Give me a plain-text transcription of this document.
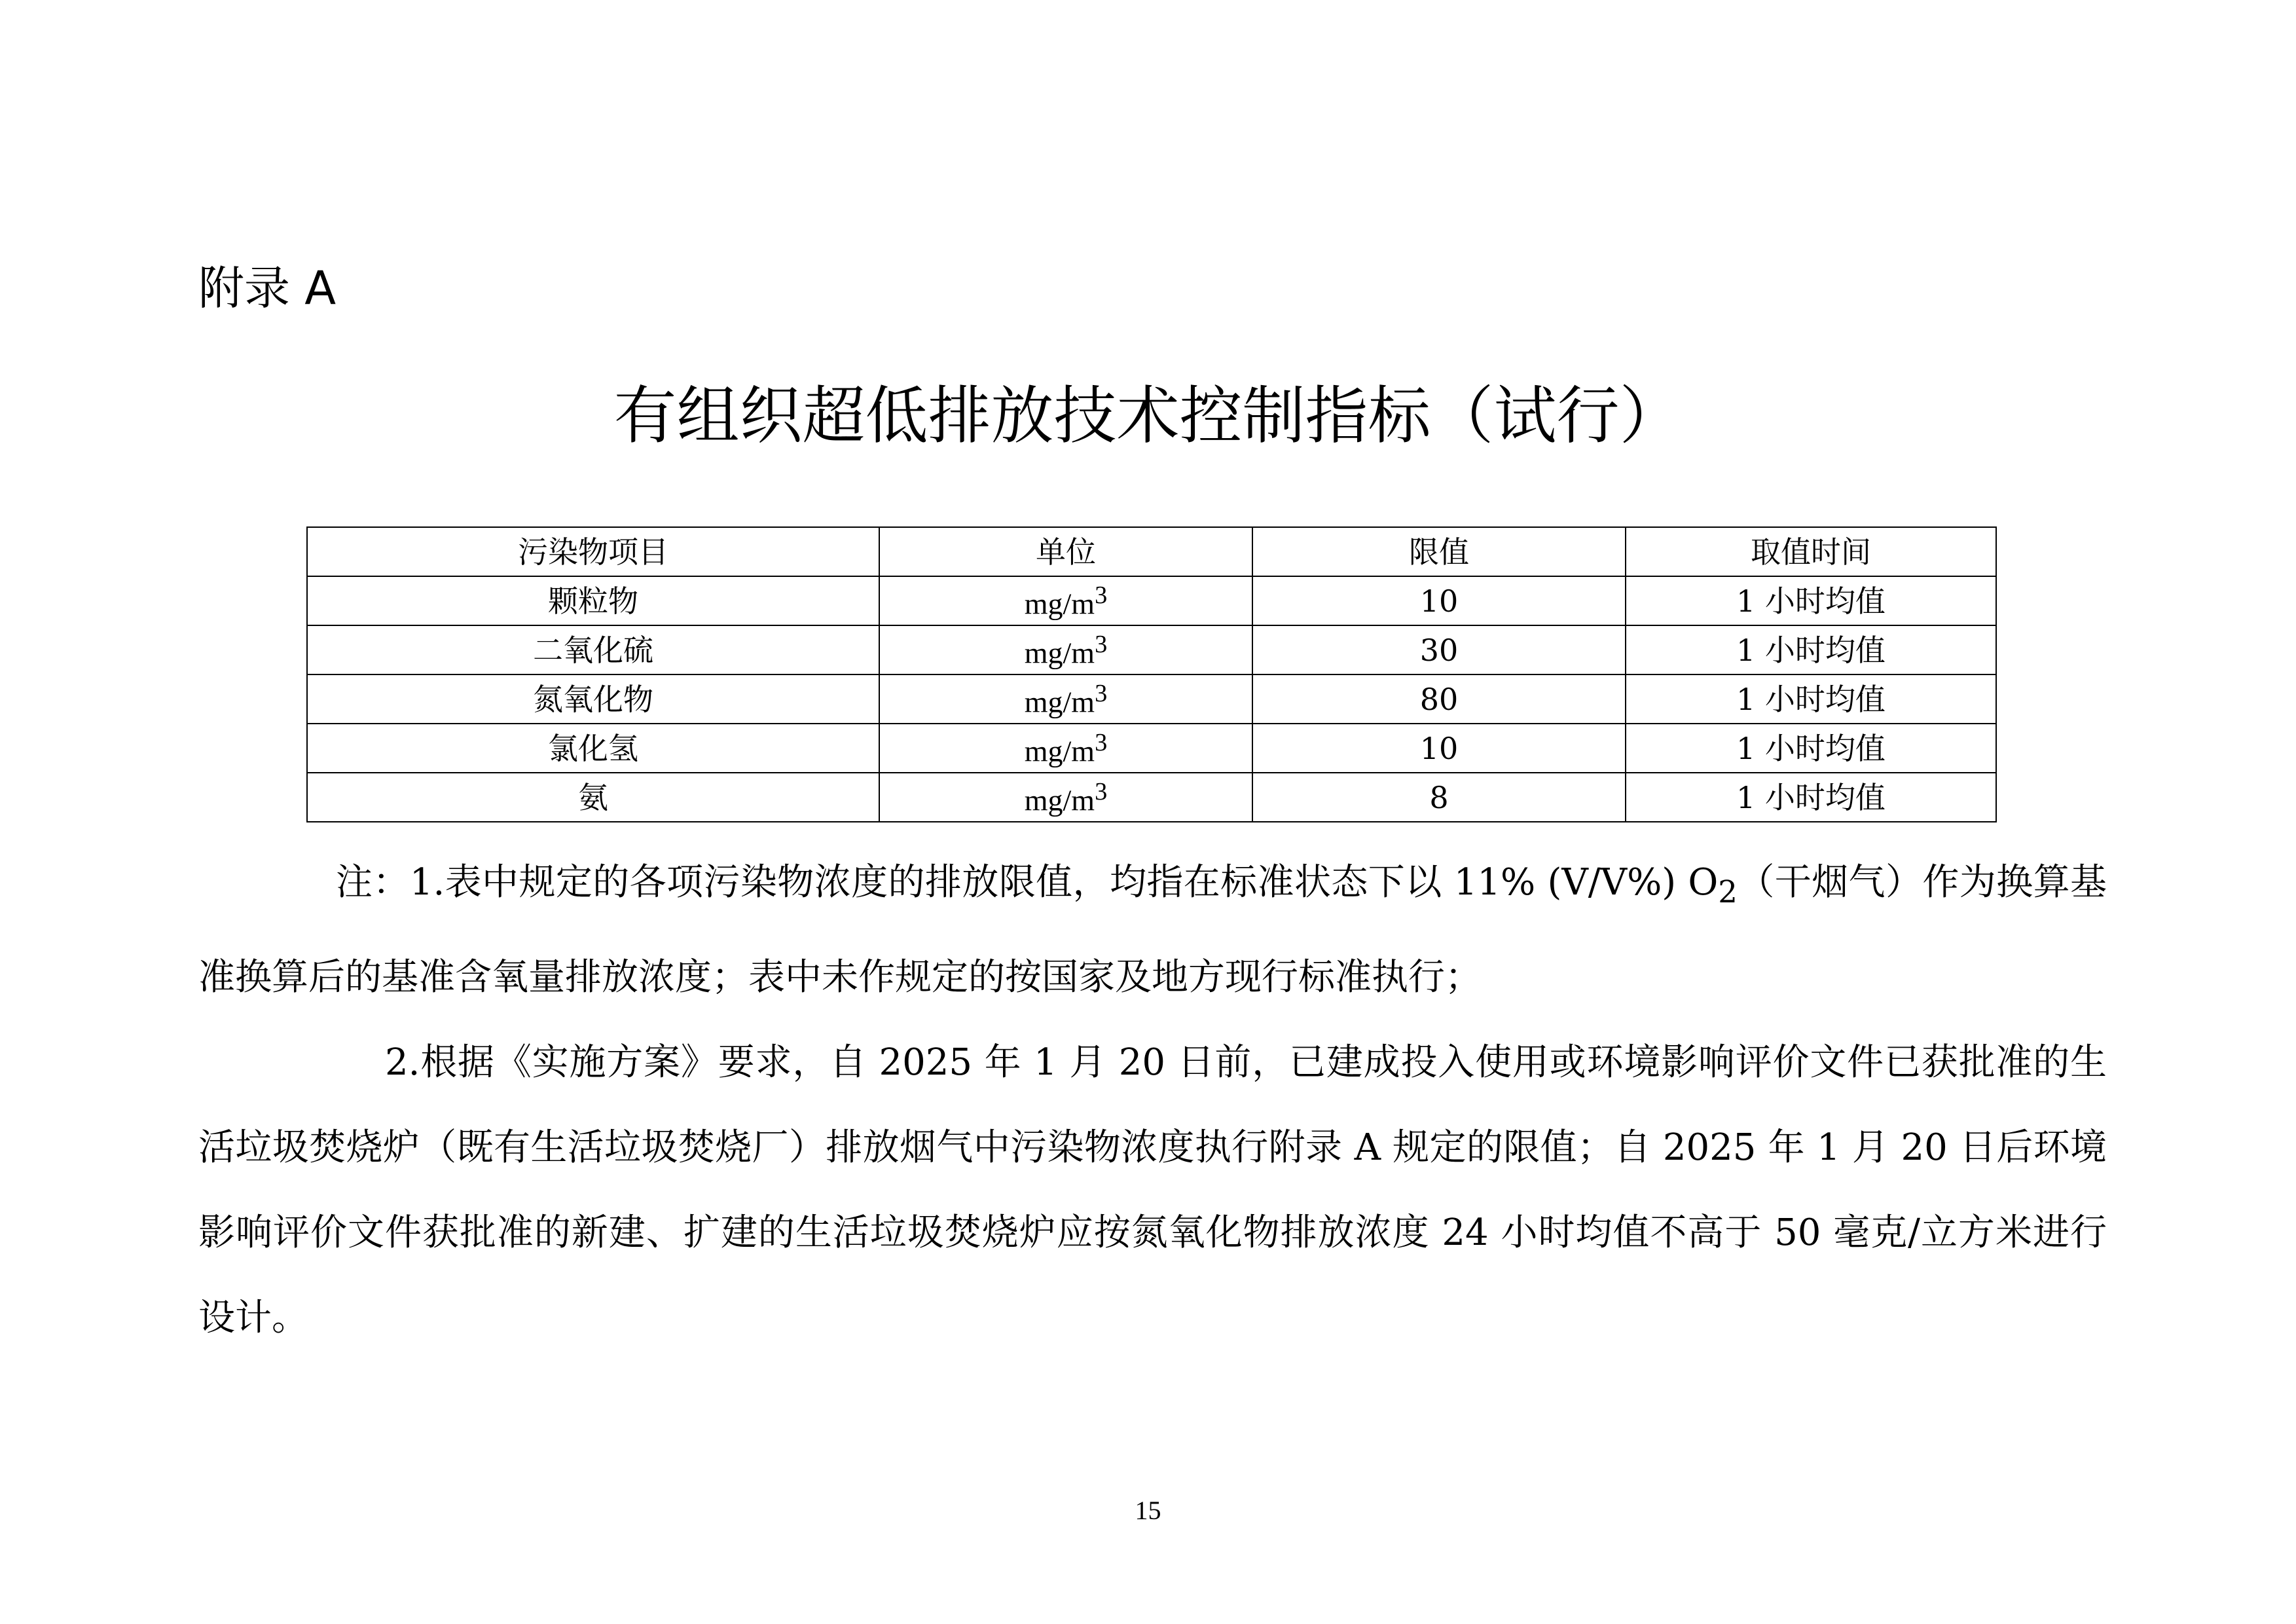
附录 A
有组织超低排放技术控制指标（试行）
污染物项目	单位	限值	取值时间
颗粒物	$mg/m^3$	10	1 小时均值
二氧化硫	$mg/m^3$	30	1 小时均值
氮氧化物	$mg/m^3$	80	1 小时均值
氯化氢	$mg/m^3$	10	1 小时均值
氨	$mg/m^3$	8	1 小时均值

注：1.表中规定的各项污染物浓度的排放限值，均指在标准状态下以 11% (V/V%) $O_2$（干烟气）作为换算基准换算后的基准含氧量排放浓度；表中未作规定的按国家及地方现行标准执行；

2.根据《实施方案》要求，自 2025 年 1 月 20 日前，已建成投入使用或环境影响评价文件已获批准的生活垃圾焚烧炉（既有生活垃圾焚烧厂）排放烟气中污染物浓度执行附录 A 规定的限值；自 2025 年 1 月 20 日后环境影响评价文件获批准的新建、扩建的生活垃圾焚烧炉应按氮氧化物排放浓度 24 小时均值不高于 50 毫克/立方米进行设计。

15
